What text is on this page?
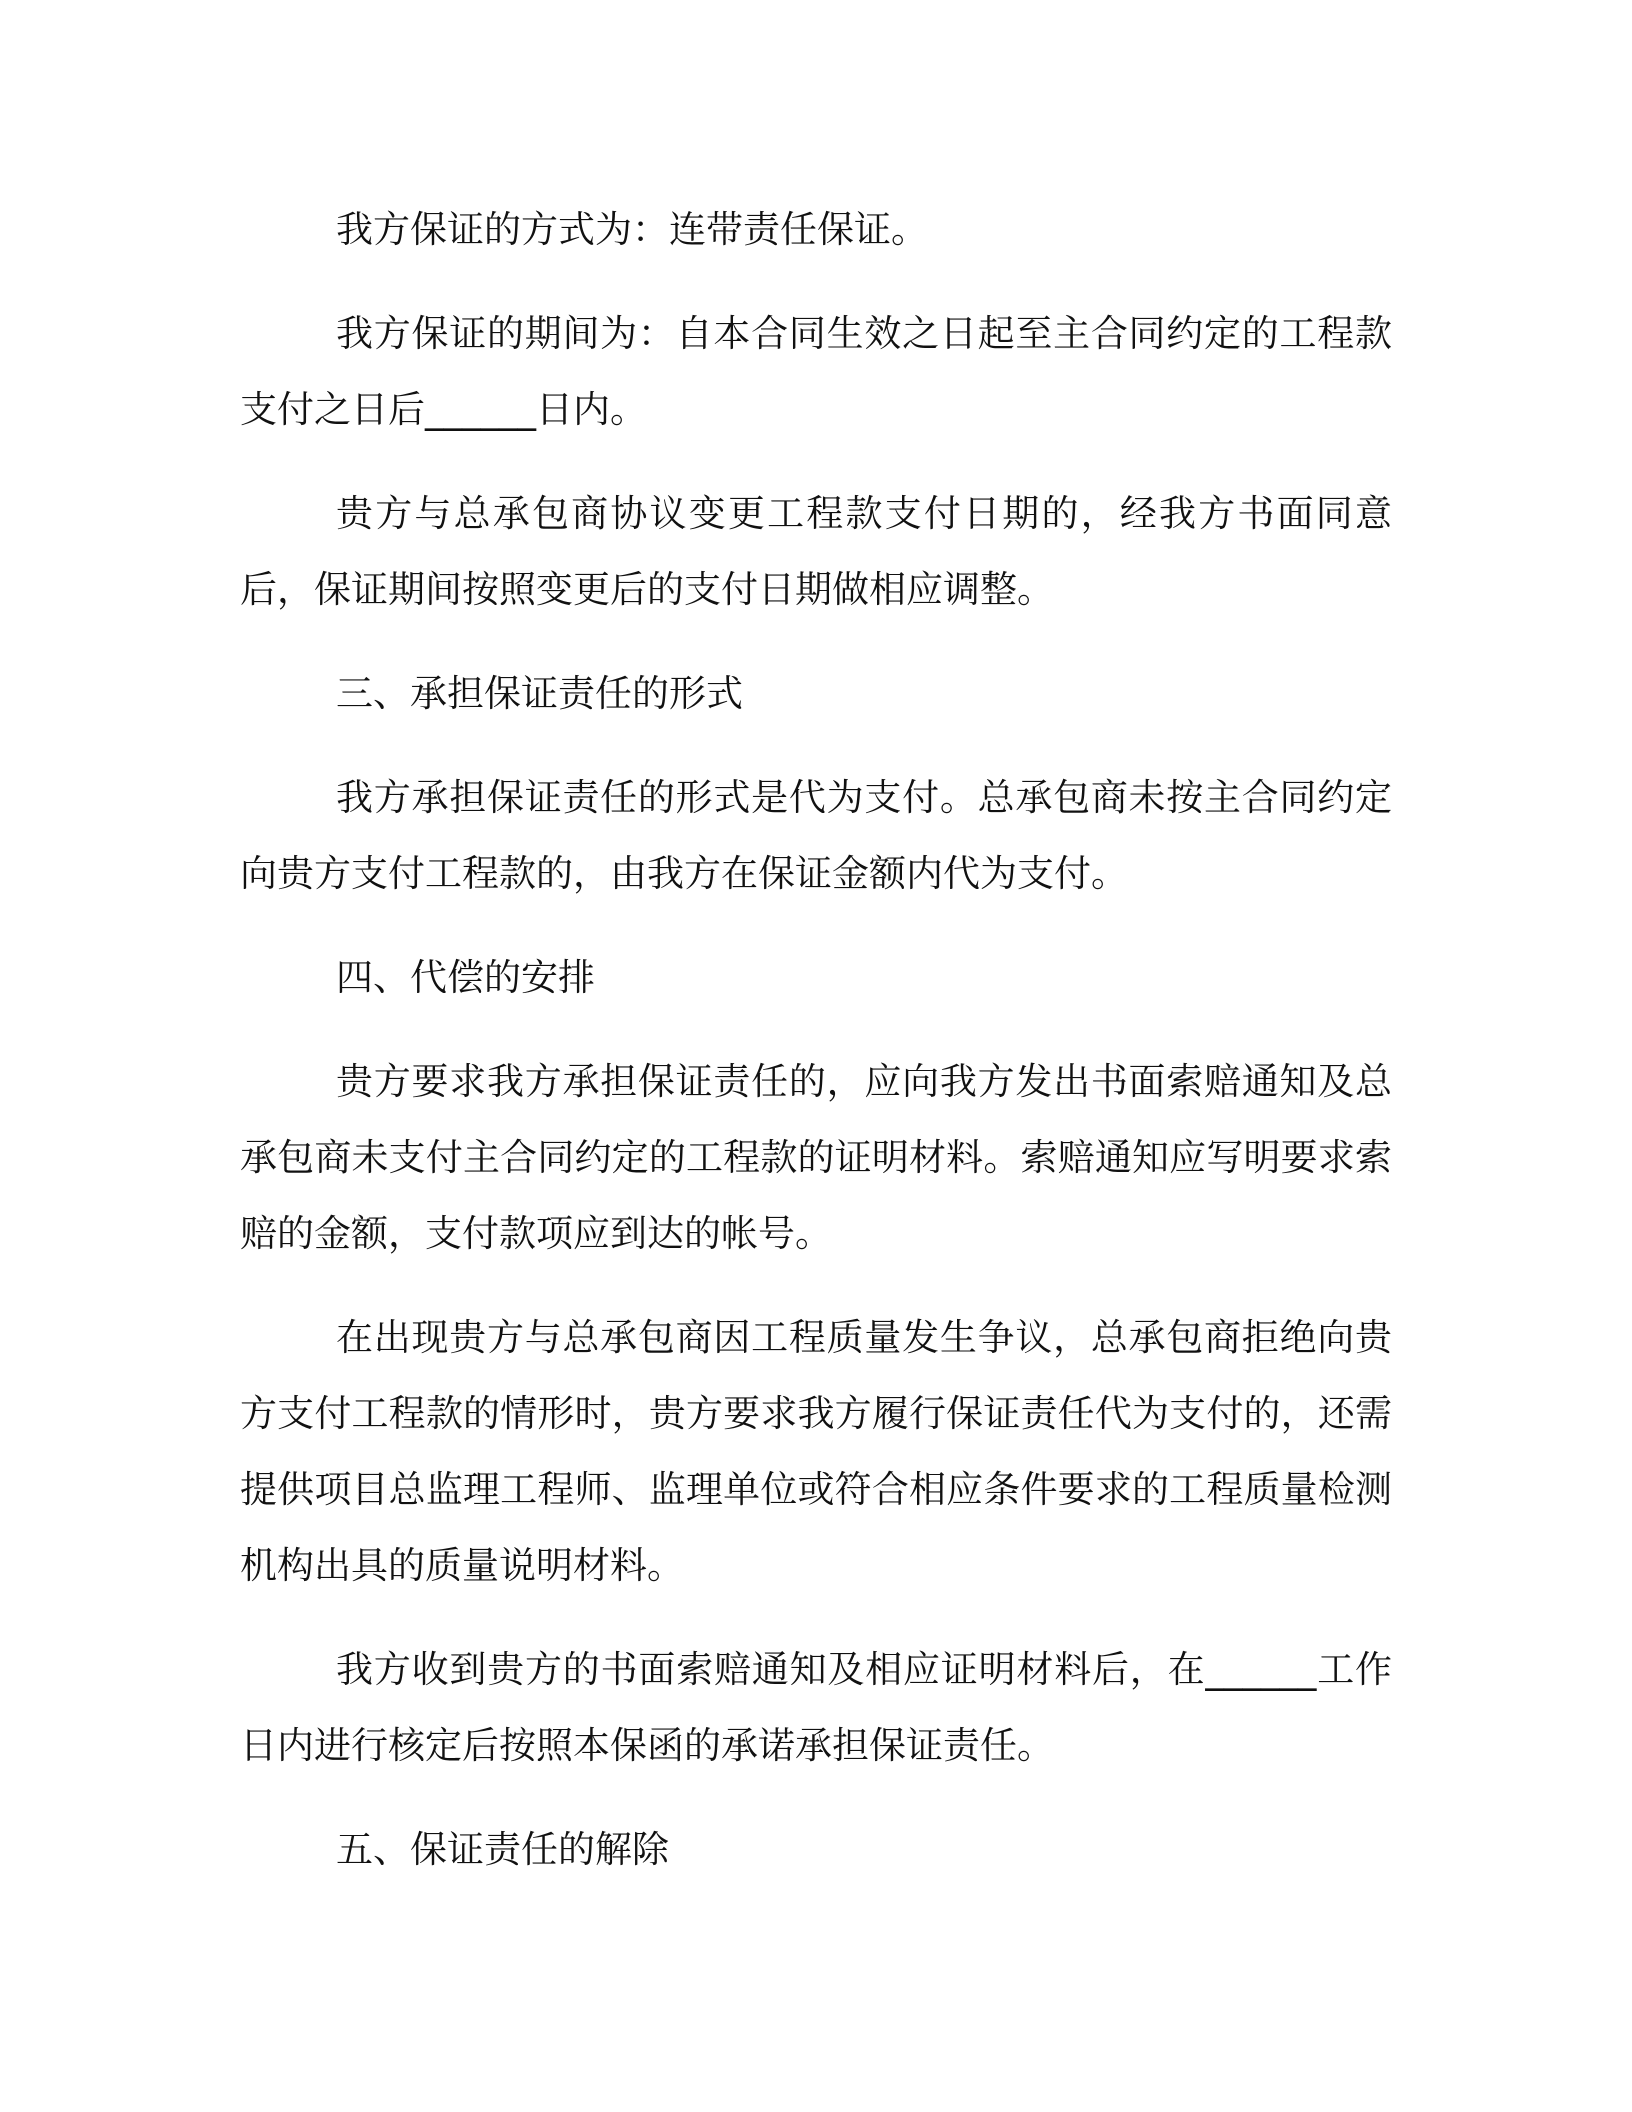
我方保证的方式为：连带责任保证。

我方保证的期间为：自本合同生效之日起至主合同约定的工程款支付之日后______日内。

贵方与总承包商协议变更工程款支付日期的，经我方书面同意后，保证期间按照变更后的支付日期做相应调整。

三、承担保证责任的形式

我方承担保证责任的形式是代为支付。总承包商未按主合同约定向贵方支付工程款的，由我方在保证金额内代为支付。

四、代偿的安排

贵方要求我方承担保证责任的，应向我方发出书面索赔通知及总承包商未支付主合同约定的工程款的证明材料。索赔通知应写明要求索赔的金额，支付款项应到达的帐号。

在出现贵方与总承包商因工程质量发生争议，总承包商拒绝向贵方支付工程款的情形时，贵方要求我方履行保证责任代为支付的，还需提供项目总监理工程师、监理单位或符合相应条件要求的工程质量检测机构出具的质量说明材料。

我方收到贵方的书面索赔通知及相应证明材料后，在______工作日内进行核定后按照本保函的承诺承担保证责任。

五、保证责任的解除
